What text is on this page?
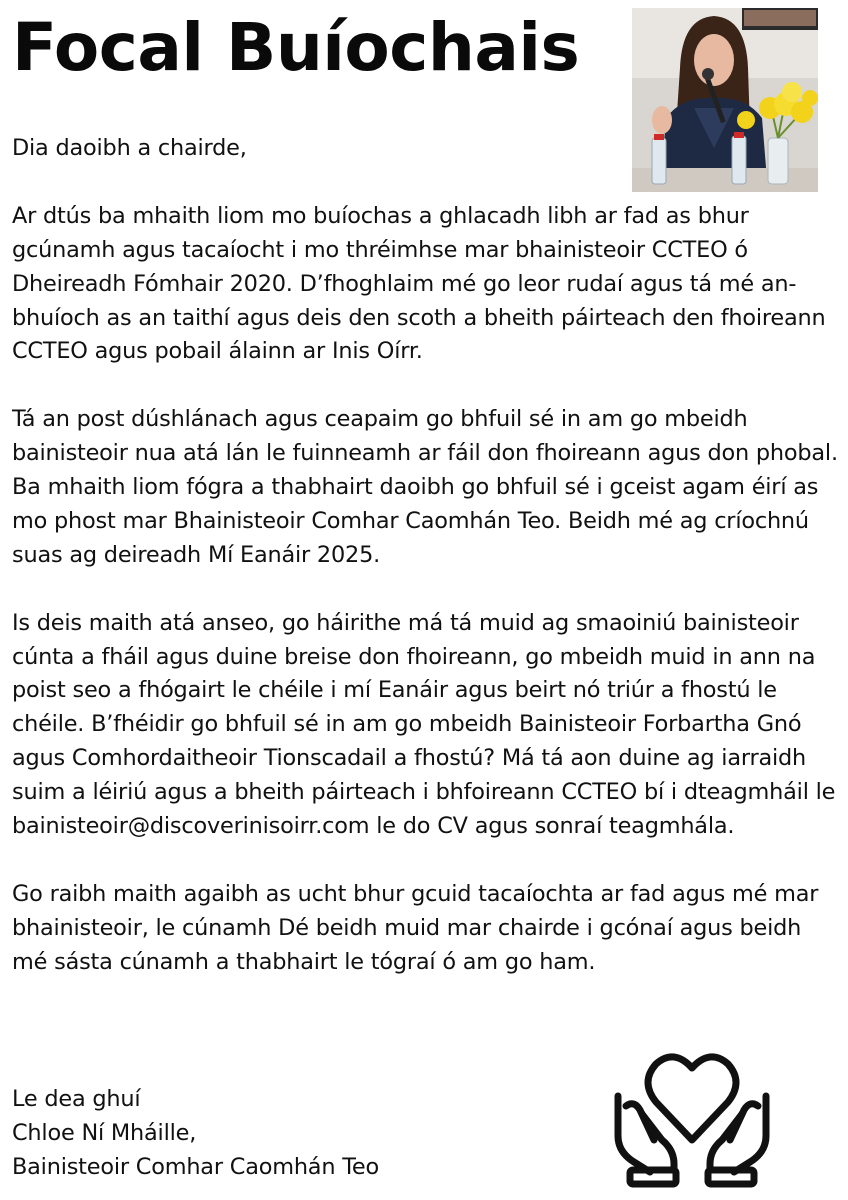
Focal Buíochais

Dia daoibh a chairde,

Ar dtús ba mhaith liom mo buíochas a ghlacadh libh ar fad as bhur gcúnamh agus tacaíocht i mo thréimhse mar bhainisteoir CCTEO ó Dheireadh Fómhair 2020. D’fhoghlaim mé go leor rudaí agus tá mé an-bhuíoch as an taithí agus deis den scoth a bheith páirteach den fhoireann CCTEO agus pobail álainn ar Inis Oírr.

Tá an post dúshlánach agus ceapaim go bhfuil sé in am go mbeidh bainisteoir nua atá lán le fuinneamh ar fáil don fhoireann agus don phobal. Ba mhaith liom fógra a thabhairt daoibh go bhfuil sé i gceist agam éirí as mo phost mar Bhainisteoir Comhar Caomhán Teo. Beidh mé ag críochnú suas ag deireadh Mí Eanáir 2025.

Is deis maith atá anseo, go háirithe má tá muid ag smaoiniú bainisteoir cúnta a fháil agus duine breise don fhoireann, go mbeidh muid in ann na poist seo a fhógairt le chéile i mí Eanáir agus beirt nó triúr a fhostú le chéile. B’fhéidir go bhfuil sé in am go mbeidh Bainisteoir Forbartha Gnó agus Comhordaitheoir Tionscadail a fhostú? Má tá aon duine ag iarraidh suim a léiriú agus a bheith páirteach i bhfoireann CCTEO bí i dteagmháil le bainisteoir@discoverinisoirr.com le do CV agus sonraí teagmhála.

Go raibh maith agaibh as ucht bhur gcuid tacaíochta ar fad agus mé mar bhainisteoir, le cúnamh Dé beidh muid mar chairde i gcónaí agus beidh mé sásta cúnamh a thabhairt le tógraí ó am go ham.

Le dea ghuí
Chloe Ní Mháille,
Bainisteoir Comhar Caomhán Teo
